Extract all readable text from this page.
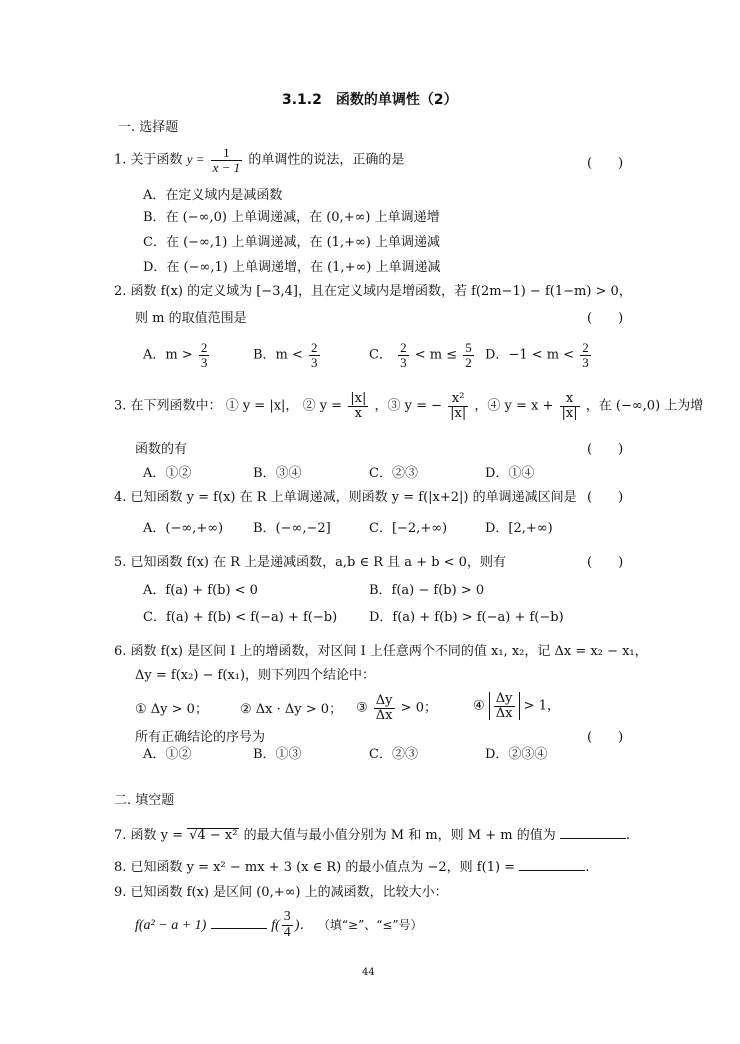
3.1.2　函数的单调性（2）
一. 选择题
1. 关于函数 $y = \frac{1}{x - 1}$ 的单调性的说法，正确的是	(　　)
A．在定义域内是减函数
B．在 (−∞,0) 上单调递减，在 (0,+∞) 上单调递增
C．在 (−∞,1) 上单调递减，在 (1,+∞) 上单调递减
D．在 (−∞,1) 上单调递增，在 (1,+∞) 上单调递减
2. 函数 f(x) 的定义域为 [−3,4]，且在定义域内是增函数，若 f(2m−1) − f(1−m) > 0，
则 m 的取值范围是	(　　)
A．$m > \frac{2}{3}$	B．$m < \frac{2}{3}$	C． $\frac{2}{3} < m \le \frac{5}{2}$ D．$-1 < m < \frac{2}{3}$
3. 在下列函数中： ① y = |x|， ② $y = \frac{|x|}{x}$ ，③ y = − $\frac{\text{x²}}{|x|}$ ，④ $y = x + \frac{x}{|x|}$ ，在 (−∞,0) 上为增
函数的有	(　　)
A．①②	B．③④	C．②③	D．①④
4. 已知函数 y = f(x) 在 R 上单调递减，则函数 y = f(|x+2|) 的单调递减区间是 (　　)
A．(−∞,+∞) B．(−∞,−2]	C．[−2,+∞)	D．[2,+∞)
5. 已知函数 f(x) 在 R 上是递减函数，a,b ∈ R 且 a + b < 0，则有	(　　)
A．f(a) + f(b) < 0	B．f(a) − f(b) > 0
C．f(a) + f(b) < f(−a) + f(−b) D．f(a) + f(b) > f(−a) + f(−b)
6. 函数 f(x) 是区间 I 上的增函数，对区间 I 上任意两个不同的值 x₁, x₂，记 Δx = x₂ − x₁，
Δy = f(x₂) − f(x₁)，则下列四个结论中：
① Δy > 0； ② Δx · Δy > 0； ③ $\frac{\Delta y}{\Delta x} > 0$；	④ $\frac{\Delta y}{\Delta x} > 1$，
所有正确结论的序号为	(　　)
A．①②	B．①③	C．②③	D．②③④
二. 填空题
7. 函数 y = √4 − x² 的最大值与最小值分别为 M 和 m，则 M + m 的值为	.
8. 已知函数 y = x² − mx + 3 (x ∈ R) 的最小值点为 −2，则 f(1) =	.
9. 已知函数 f(x) 是区间 (0,+∞) 上的减函数，比较大小：
f(a² − a + 1)	$f( \frac{3}{4}$ )． （填“≥”、“≤”号）
44
